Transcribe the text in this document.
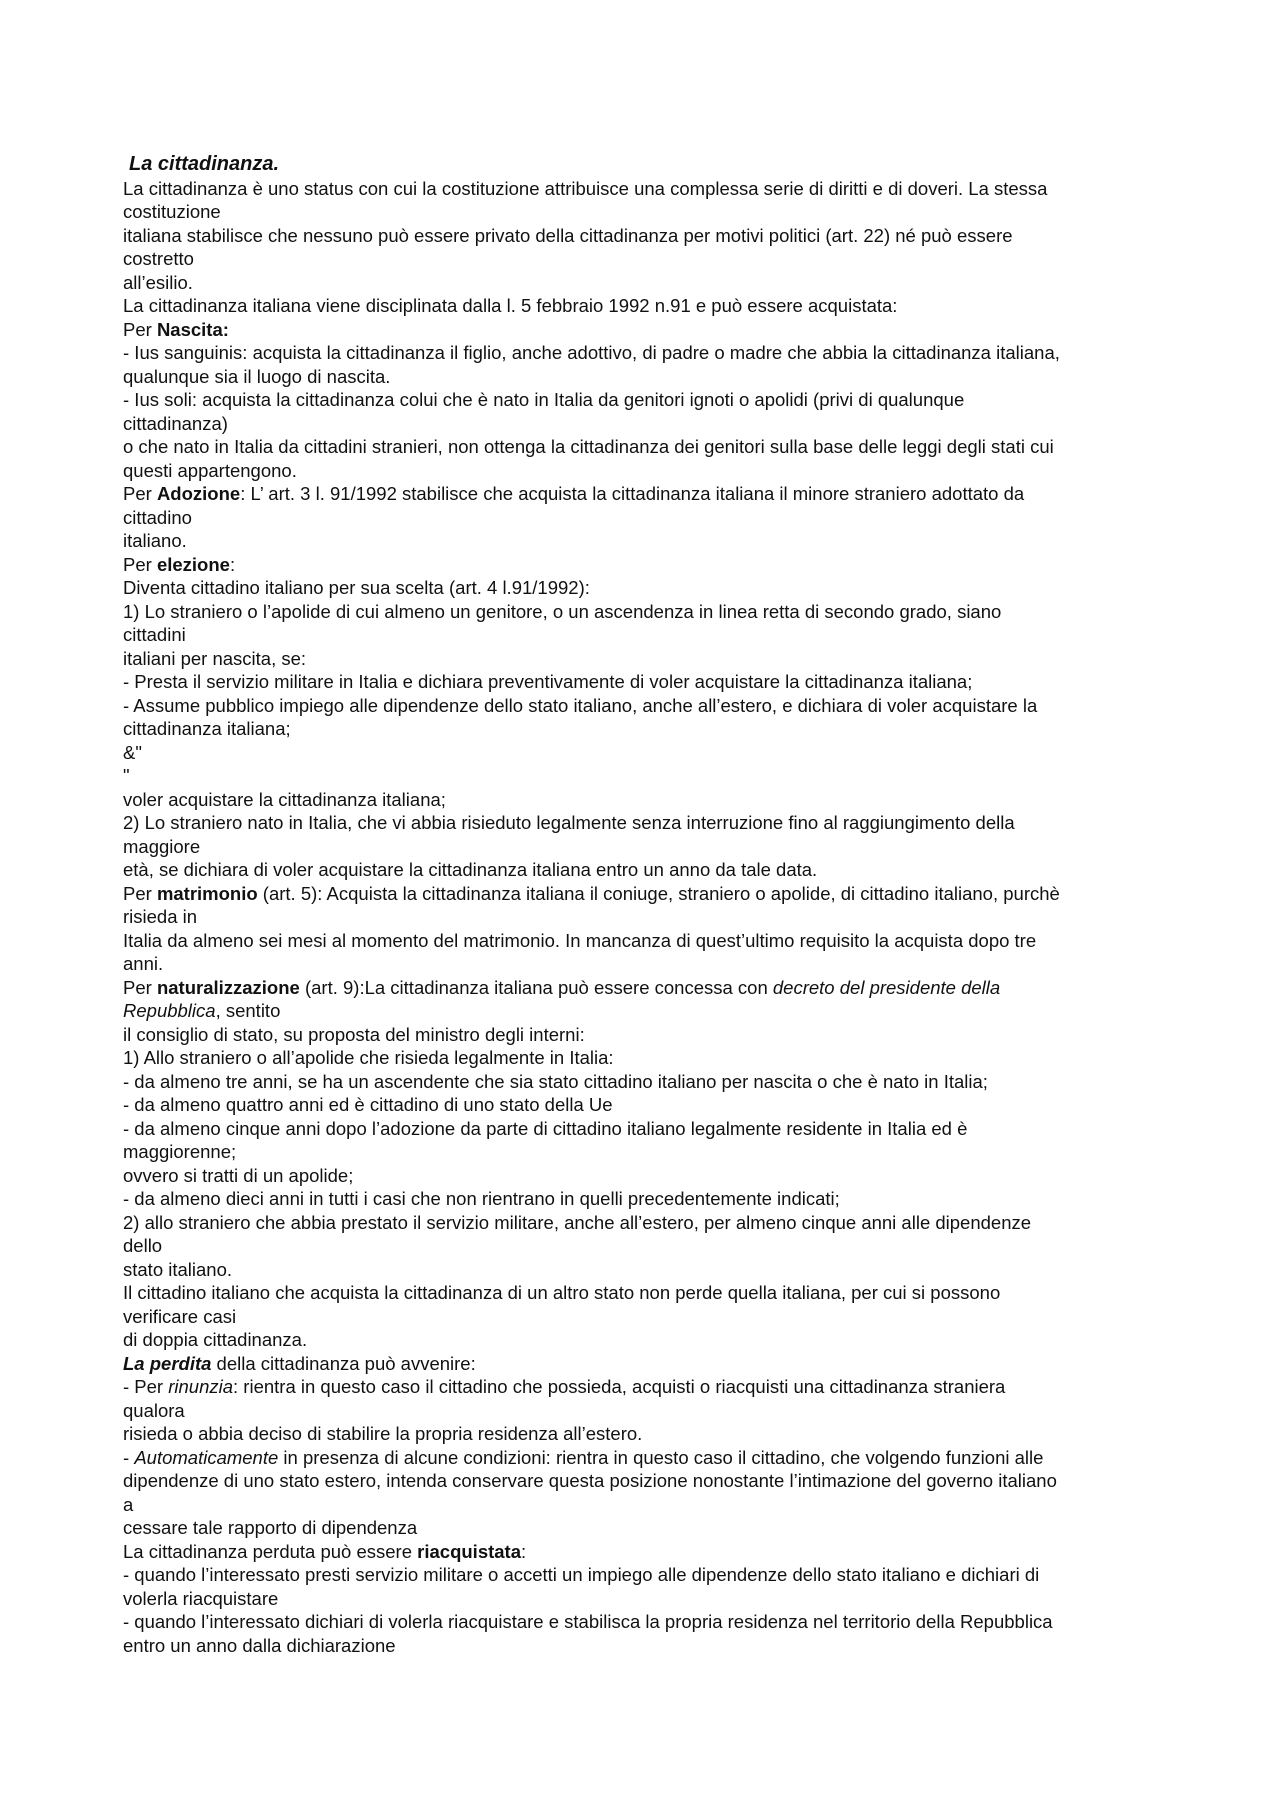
La cittadinanza.
La cittadinanza è uno status con cui la costituzione attribuisce una complessa serie di diritti e di doveri. La stessa
costituzione
italiana stabilisce che nessuno può essere privato della cittadinanza per motivi politici (art. 22) né può essere
costretto
all’esilio.
La cittadinanza italiana viene disciplinata dalla l. 5 febbraio 1992 n.91 e può essere acquistata:
Per Nascita:
- Ius sanguinis: acquista la cittadinanza il figlio, anche adottivo, di padre o madre che abbia la cittadinanza italiana,
qualunque sia il luogo di nascita.
- Ius soli: acquista la cittadinanza colui che è nato in Italia da genitori ignoti o apolidi (privi di qualunque
cittadinanza)
o che nato in Italia da cittadini stranieri, non ottenga la cittadinanza dei genitori sulla base delle leggi degli stati cui
questi appartengono.
Per Adozione: L’ art. 3 l. 91/1992 stabilisce che acquista la cittadinanza italiana il minore straniero adottato da
cittadino
italiano.
Per elezione:
Diventa cittadino italiano per sua scelta (art. 4 l.91/1992):
1) Lo straniero o l’apolide di cui almeno un genitore, o un ascendenza in linea retta di secondo grado, siano
cittadini
italiani per nascita, se:
- Presta il servizio militare in Italia e dichiara preventivamente di voler acquistare la cittadinanza italiana;
- Assume pubblico impiego alle dipendenze dello stato italiano, anche all’estero, e dichiara di voler acquistare la
cittadinanza italiana;
&"
"
voler acquistare la cittadinanza italiana;
2) Lo straniero nato in Italia, che vi abbia risieduto legalmente senza interruzione fino al raggiungimento della
maggiore
età, se dichiara di voler acquistare la cittadinanza italiana entro un anno da tale data.
Per matrimonio (art. 5): Acquista la cittadinanza italiana il coniuge, straniero o apolide, di cittadino italiano, purchè
risieda in
Italia da almeno sei mesi al momento del matrimonio. In mancanza di quest’ultimo requisito la acquista dopo tre
anni.
Per naturalizzazione (art. 9):La cittadinanza italiana può essere concessa con decreto del presidente della
Repubblica, sentito
il consiglio di stato, su proposta del ministro degli interni:
1) Allo straniero o all’apolide che risieda legalmente in Italia:
- da almeno tre anni, se ha un ascendente che sia stato cittadino italiano per nascita o che è nato in Italia;
- da almeno quattro anni ed è cittadino di uno stato della Ue
- da almeno cinque anni dopo l’adozione da parte di cittadino italiano legalmente residente in Italia ed è
maggiorenne;
ovvero si tratti di un apolide;
- da almeno dieci anni in tutti i casi che non rientrano in quelli precedentemente indicati;
2) allo straniero che abbia prestato il servizio militare, anche all’estero, per almeno cinque anni alle dipendenze
dello
stato italiano.
Il cittadino italiano che acquista la cittadinanza di un altro stato non perde quella italiana, per cui si possono
verificare casi
di doppia cittadinanza.
La perdita della cittadinanza può avvenire:
- Per rinunzia: rientra in questo caso il cittadino che possieda, acquisti o riacquisti una cittadinanza straniera
qualora
risieda o abbia deciso di stabilire la propria residenza all’estero.
- Automaticamente in presenza di alcune condizioni: rientra in questo caso il cittadino, che volgendo funzioni alle
dipendenze di uno stato estero, intenda conservare questa posizione nonostante l’intimazione del governo italiano
a
cessare tale rapporto di dipendenza
La cittadinanza perduta può essere riacquistata:
- quando l’interessato presti servizio militare o accetti un impiego alle dipendenze dello stato italiano e dichiari di
volerla riacquistare
- quando l’interessato dichiari di volerla riacquistare e stabilisca la propria residenza nel territorio della Repubblica
entro un anno dalla dichiarazione
